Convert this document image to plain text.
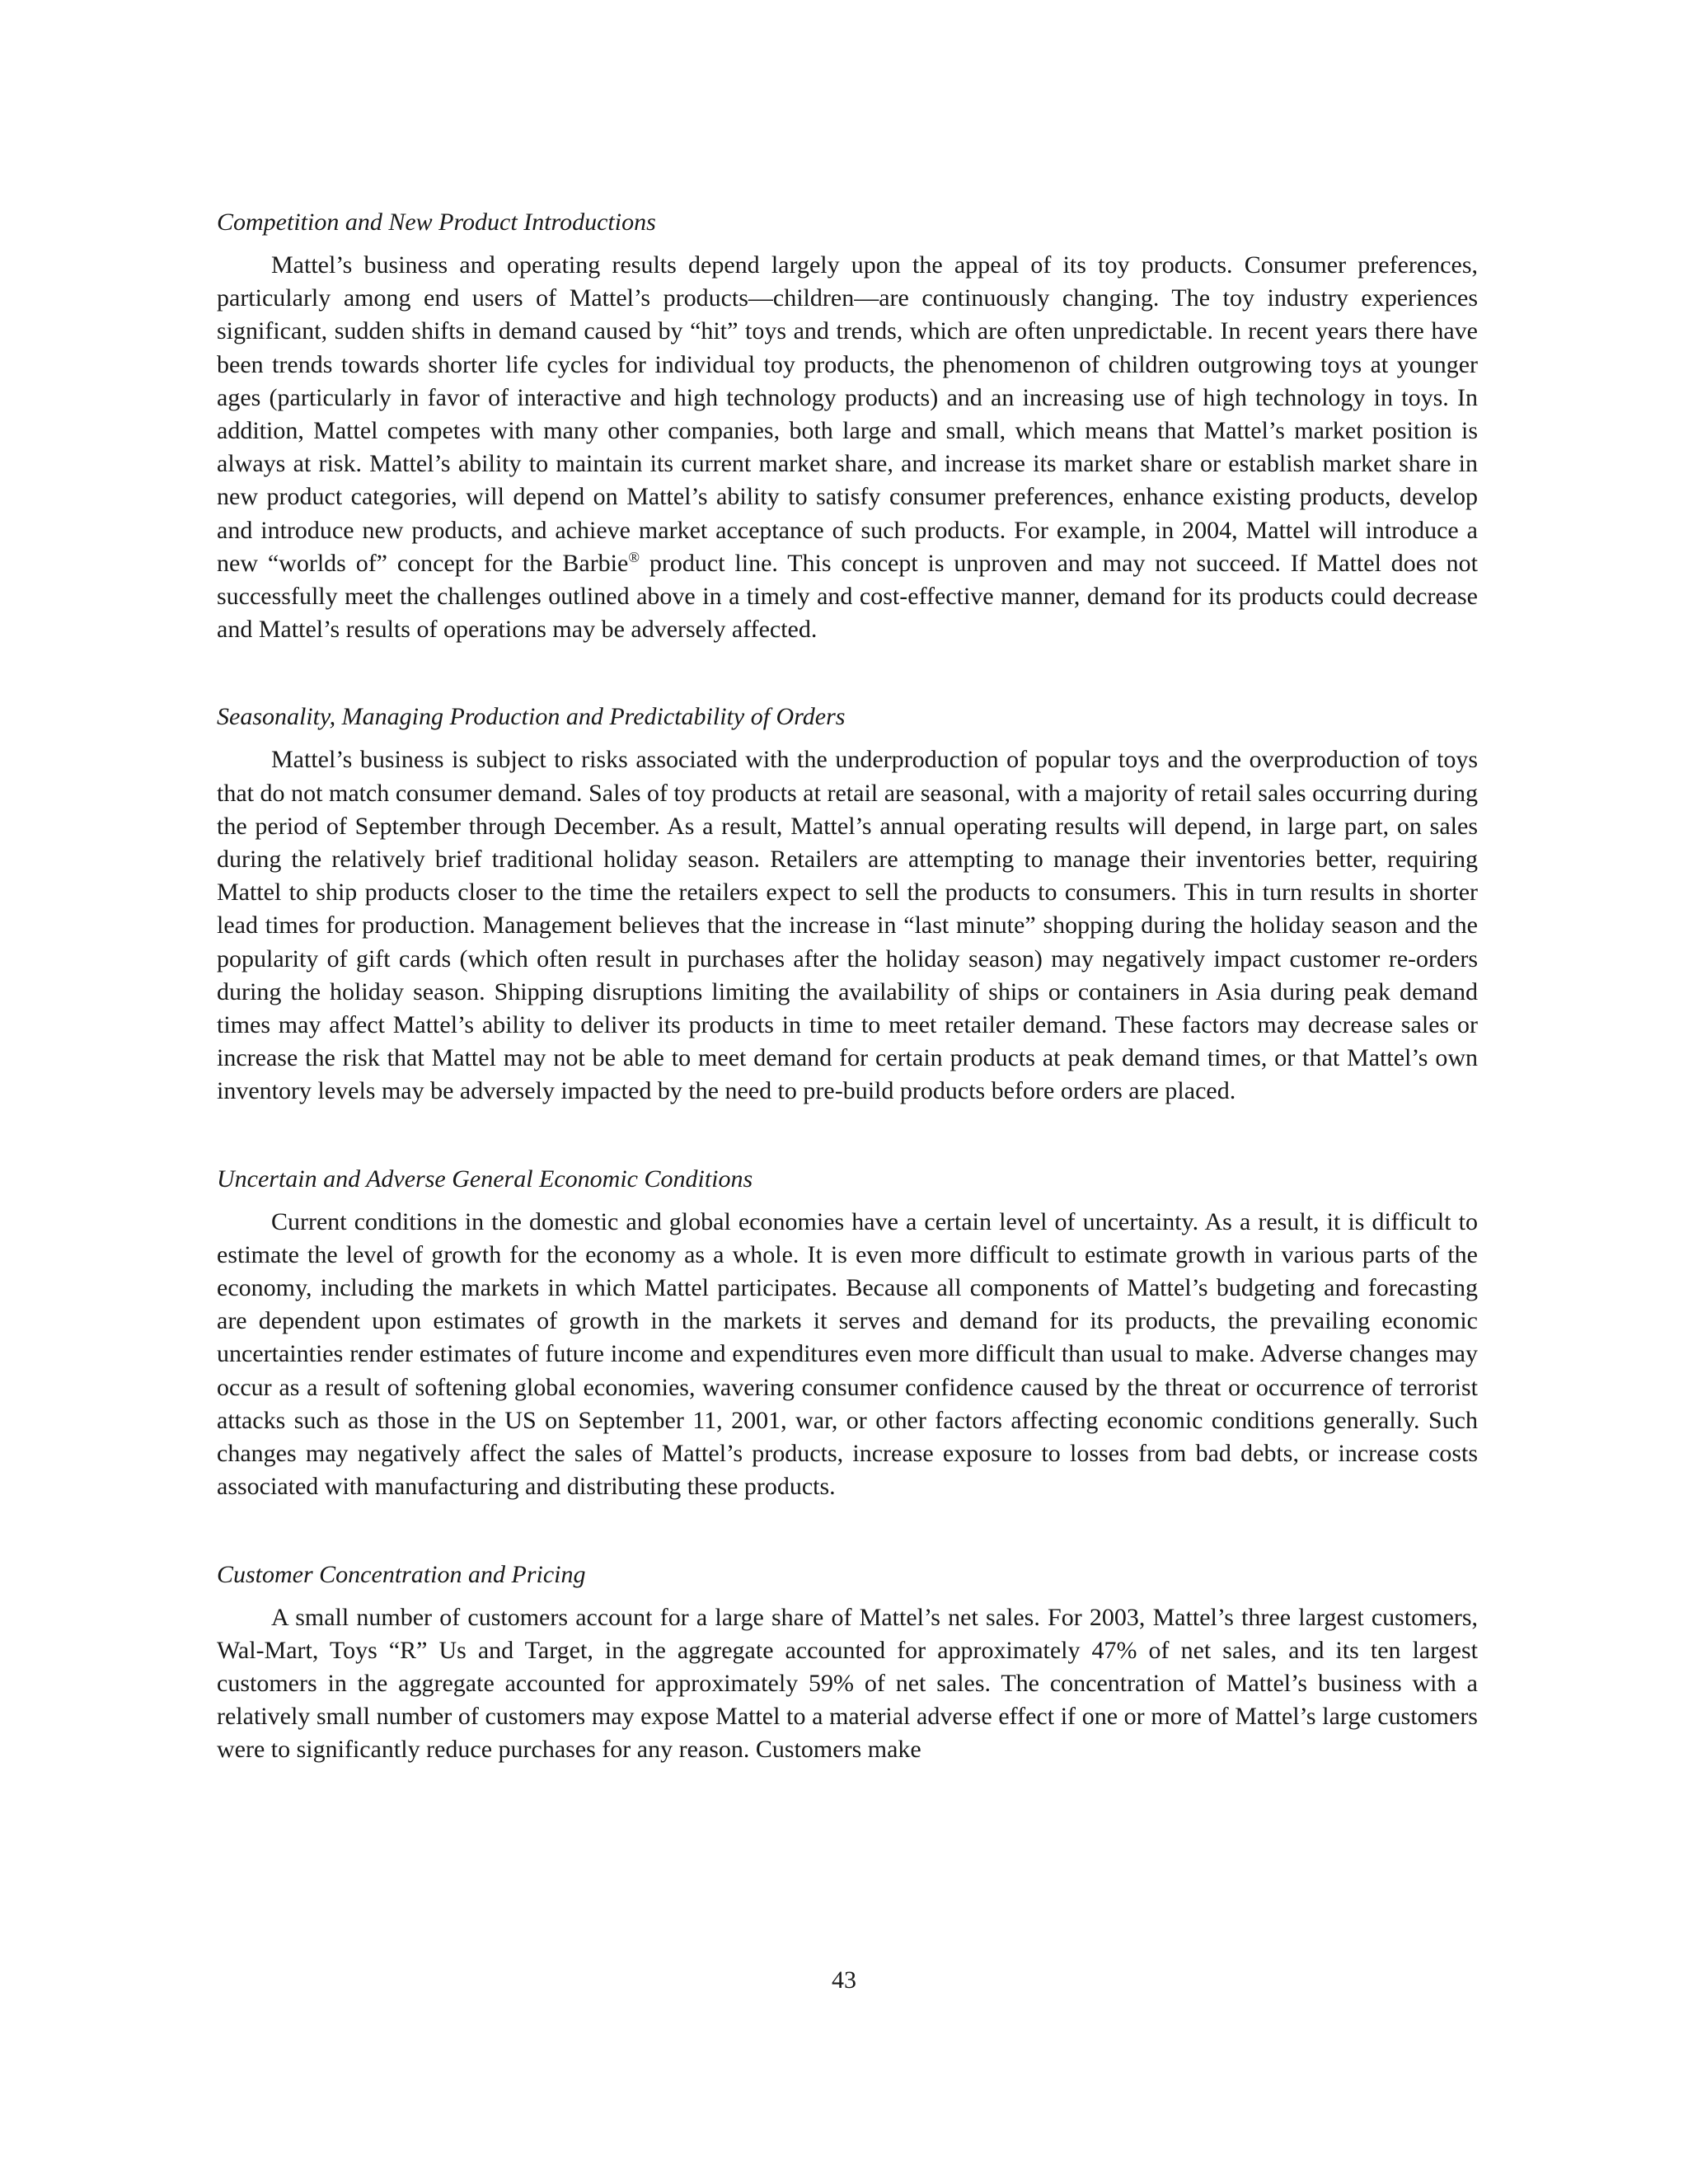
Competition and New Product Introductions

Mattel’s business and operating results depend largely upon the appeal of its toy products. Consumer preferences, particularly among end users of Mattel’s products—children—are continuously changing. The toy industry experiences significant, sudden shifts in demand caused by “hit” toys and trends, which are often unpredictable. In recent years there have been trends towards shorter life cycles for individual toy products, the phenomenon of children outgrowing toys at younger ages (particularly in favor of interactive and high technology products) and an increasing use of high technology in toys. In addition, Mattel competes with many other companies, both large and small, which means that Mattel’s market position is always at risk. Mattel’s ability to maintain its current market share, and increase its market share or establish market share in new product categories, will depend on Mattel’s ability to satisfy consumer preferences, enhance existing products, develop and introduce new products, and achieve market acceptance of such products. For example, in 2004, Mattel will introduce a new “worlds of” concept for the Barbie® product line. This concept is unproven and may not succeed. If Mattel does not successfully meet the challenges outlined above in a timely and cost-effective manner, demand for its products could decrease and Mattel’s results of operations may be adversely affected.

Seasonality, Managing Production and Predictability of Orders

Mattel’s business is subject to risks associated with the underproduction of popular toys and the overproduction of toys that do not match consumer demand. Sales of toy products at retail are seasonal, with a majority of retail sales occurring during the period of September through December. As a result, Mattel’s annual operating results will depend, in large part, on sales during the relatively brief traditional holiday season. Retailers are attempting to manage their inventories better, requiring Mattel to ship products closer to the time the retailers expect to sell the products to consumers. This in turn results in shorter lead times for production. Management believes that the increase in “last minute” shopping during the holiday season and the popularity of gift cards (which often result in purchases after the holiday season) may negatively impact customer re-orders during the holiday season. Shipping disruptions limiting the availability of ships or containers in Asia during peak demand times may affect Mattel’s ability to deliver its products in time to meet retailer demand. These factors may decrease sales or increase the risk that Mattel may not be able to meet demand for certain products at peak demand times, or that Mattel’s own inventory levels may be adversely impacted by the need to pre-build products before orders are placed.

Uncertain and Adverse General Economic Conditions

Current conditions in the domestic and global economies have a certain level of uncertainty. As a result, it is difficult to estimate the level of growth for the economy as a whole. It is even more difficult to estimate growth in various parts of the economy, including the markets in which Mattel participates. Because all components of Mattel’s budgeting and forecasting are dependent upon estimates of growth in the markets it serves and demand for its products, the prevailing economic uncertainties render estimates of future income and expenditures even more difficult than usual to make. Adverse changes may occur as a result of softening global economies, wavering consumer confidence caused by the threat or occurrence of terrorist attacks such as those in the US on September 11, 2001, war, or other factors affecting economic conditions generally. Such changes may negatively affect the sales of Mattel’s products, increase exposure to losses from bad debts, or increase costs associated with manufacturing and distributing these products.

Customer Concentration and Pricing

A small number of customers account for a large share of Mattel’s net sales. For 2003, Mattel’s three largest customers, Wal-Mart, Toys “R” Us and Target, in the aggregate accounted for approximately 47% of net sales, and its ten largest customers in the aggregate accounted for approximately 59% of net sales. The concentration of Mattel’s business with a relatively small number of customers may expose Mattel to a material adverse effect if one or more of Mattel’s large customers were to significantly reduce purchases for any reason. Customers make

43
